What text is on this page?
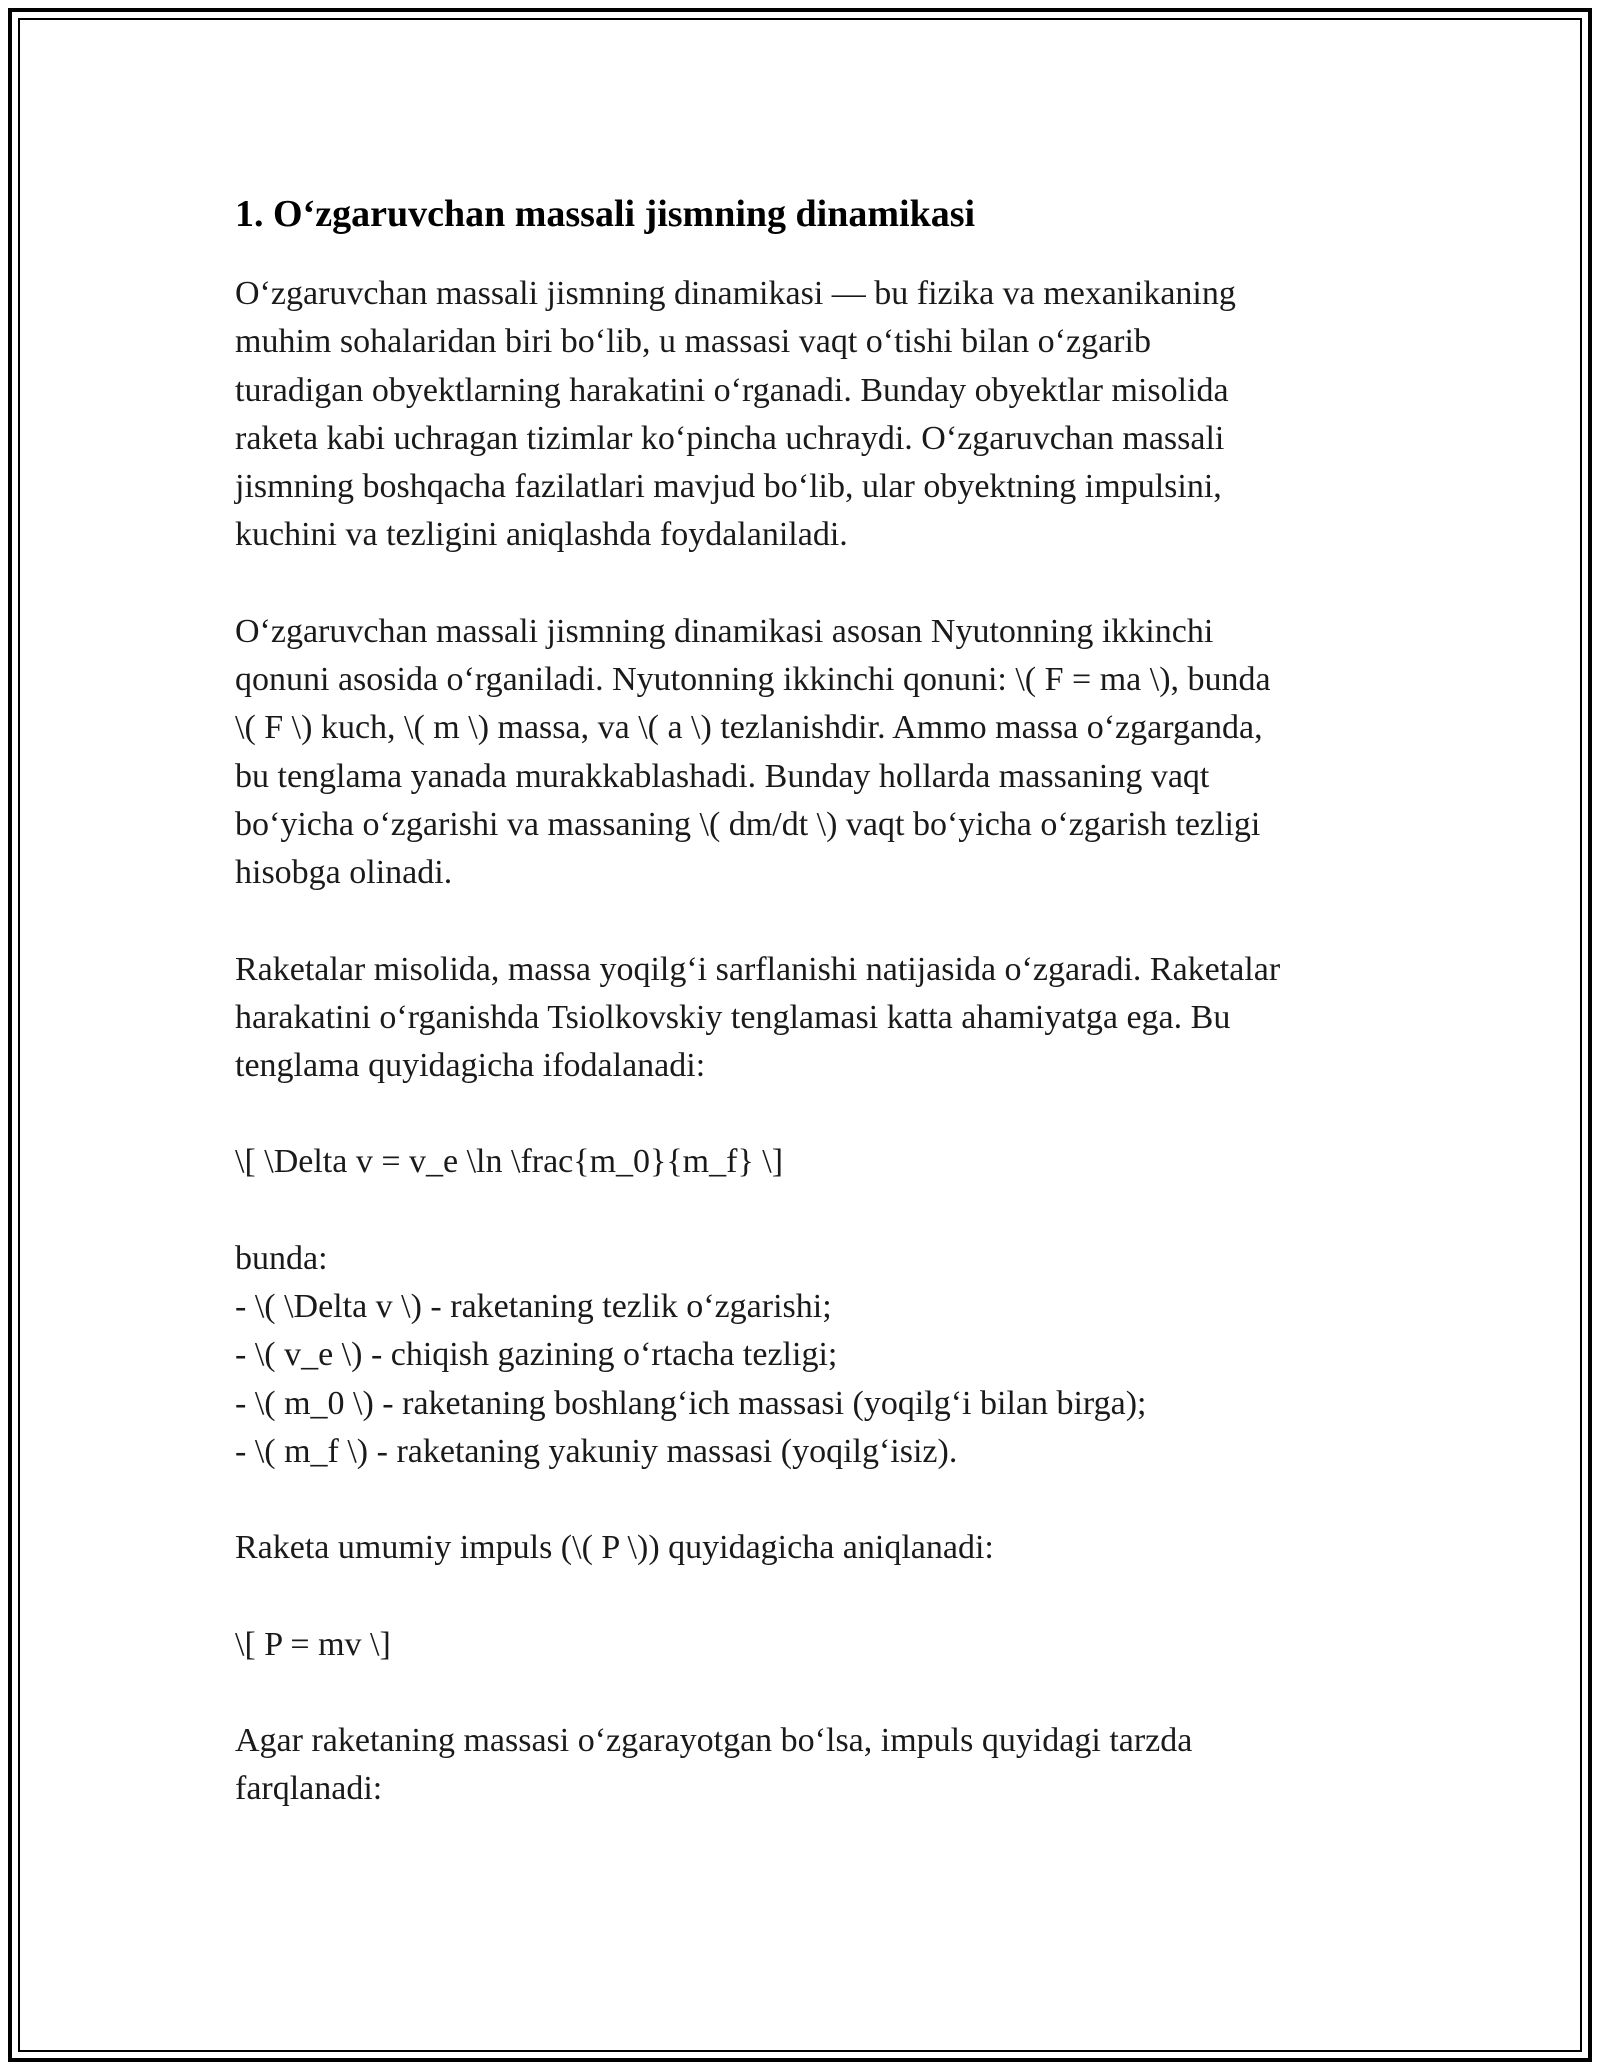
1. O‘zgaruvchan massali jismning dinamikasi

O‘zgaruvchan massali jismning dinamikasi — bu fizika va mexanikaning
muhim sohalaridan biri bo‘lib, u massasi vaqt o‘tishi bilan o‘zgarib
turadigan obyektlarning harakatini o‘rganadi. Bunday obyektlar misolida
raketa kabi uchragan tizimlar ko‘pincha uchraydi. O‘zgaruvchan massali
jismning boshqacha fazilatlari mavjud bo‘lib, ular obyektning impulsini,
kuchini va tezligini aniqlashda foydalaniladi.

O‘zgaruvchan massali jismning dinamikasi asosan Nyutonning ikkinchi
qonuni asosida o‘rganiladi. Nyutonning ikkinchi qonuni: \( F = ma \), bunda
\( F \) kuch, \( m \) massa, va \( a \) tezlanishdir. Ammo massa o‘zgarganda,
bu tenglama yanada murakkablashadi. Bunday hollarda massaning vaqt
bo‘yicha o‘zgarishi va massaning \( dm/dt \) vaqt bo‘yicha o‘zgarish tezligi
hisobga olinadi.

Raketalar misolida, massa yoqilg‘i sarflanishi natijasida o‘zgaradi. Raketalar
harakatini o‘rganishda Tsiolkovskiy tenglamasi katta ahamiyatga ega. Bu
tenglama quyidagicha ifodalanadi:

\[ \Delta v = v_e \ln \frac{m_0}{m_f} \]

bunda:
- \( \Delta v \) - raketaning tezlik o‘zgarishi;
- \( v_e \) - chiqish gazining o‘rtacha tezligi;
- \( m_0 \) - raketaning boshlang‘ich massasi (yoqilg‘i bilan birga);
- \( m_f \) - raketaning yakuniy massasi (yoqilg‘isiz).

Raketa umumiy impuls (\( P \)) quyidagicha aniqlanadi:

\[ P = mv \]

Agar raketaning massasi o‘zgarayotgan bo‘lsa, impuls quyidagi tarzda
farqlanadi:
